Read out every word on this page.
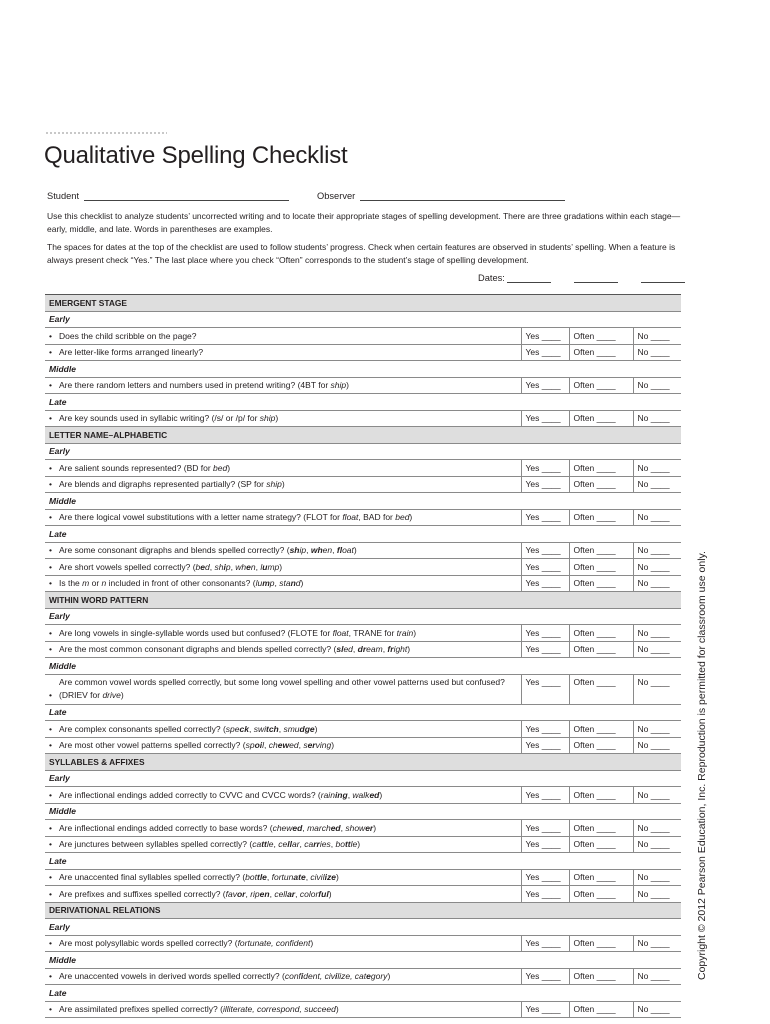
Qualitative Spelling Checklist
Student	Observer

Use this checklist to analyze students’ uncorrected writing and to locate their appropriate stages of spelling development. There are three gradations within each stage—early, middle, and late. Words in parentheses are examples.

The spaces for dates at the top of the checklist are used to follow students’ progress. Check when certain features are observed in students’ spelling. When a feature is always present check “Yes.” The last place where you check “Often” corresponds to the student’s stage of spelling development.

Dates:
EMERGENT STAGE			
Early			
• Does the child scribble on the page?	Yes ____	Often ____	No ____
• Are letter-like forms arranged linearly?	Yes ____	Often ____	No ____
Middle			
• Are there random letters and numbers used in pretend writing? (4BT for ship)	Yes ____	Often ____	No ____
Late			
• Are key sounds used in syllabic writing? (/s/ or /p/ for ship)	Yes ____	Often ____	No ____
LETTER NAME–ALPHABETIC			
Early			
• Are salient sounds represented? (BD for bed)	Yes ____	Often ____	No ____
• Are blends and digraphs represented partially? (SP for ship)	Yes ____	Often ____	No ____
Middle			
• Are there logical vowel substitutions with a letter name strategy? (FLOT for float, BAD for bed)	Yes ____	Often ____	No ____
Late			
• Are some consonant digraphs and blends spelled correctly? (ship, when, float)	Yes ____	Often ____	No ____
• Are short vowels spelled correctly? (bed, ship, when, lump)	Yes ____	Often ____	No ____
• Is the m or n included in front of other consonants? (lump, stand)	Yes ____	Often ____	No ____
WITHIN WORD PATTERN			
Early			
• Are long vowels in single-syllable words used but confused? (FLOTE for float, TRANE for train)	Yes ____	Often ____	No ____
• Are the most common consonant digraphs and blends spelled correctly? (sled, dream, fright)	Yes ____	Often ____	No ____
Middle			
•Are common vowel words spelled correctly, but some long vowel spelling and other vowel patterns used but confused? (DRIEV for drive)	Yes ____	Often ____	No ____
Late			
• Are complex consonants spelled correctly? (speck, switch, smudge)	Yes ____	Often ____	No ____
• Are most other vowel patterns spelled correctly? (spoil, chewed, serving)	Yes ____	Often ____	No ____
SYLLABLES & AFFIXES			
Early			
• Are inflectional endings added correctly to CVVC and CVCC words? (raining, walked)	Yes ____	Often ____	No ____
Middle			
• Are inflectional endings added correctly to base words? (chewed, marched, shower)	Yes ____	Often ____	No ____
• Are junctures between syllables spelled correctly? (cattle, cellar, carries, bottle)	Yes ____	Often ____	No ____
Late			
• Are unaccented final syllables spelled correctly? (bottle, fortunate, civilize)	Yes ____	Often ____	No ____
• Are prefixes and suffixes spelled correctly? (favor, ripen, cellar, colorful)	Yes ____	Often ____	No ____
DERIVATIONAL RELATIONS			
Early			
• Are most polysyllabic words spelled correctly? (fortunate, confident)	Yes ____	Often ____	No ____
Middle			
• Are unaccented vowels in derived words spelled correctly? (confident, civilize, category)	Yes ____	Often ____	No ____
Late			
• Are assimilated prefixes spelled correctly? (illiterate, correspond, succeed)	Yes ____	Often ____	No ____
Copyright © 2012 Pearson Education, Inc. Reproduction is permitted for classroom use only.
